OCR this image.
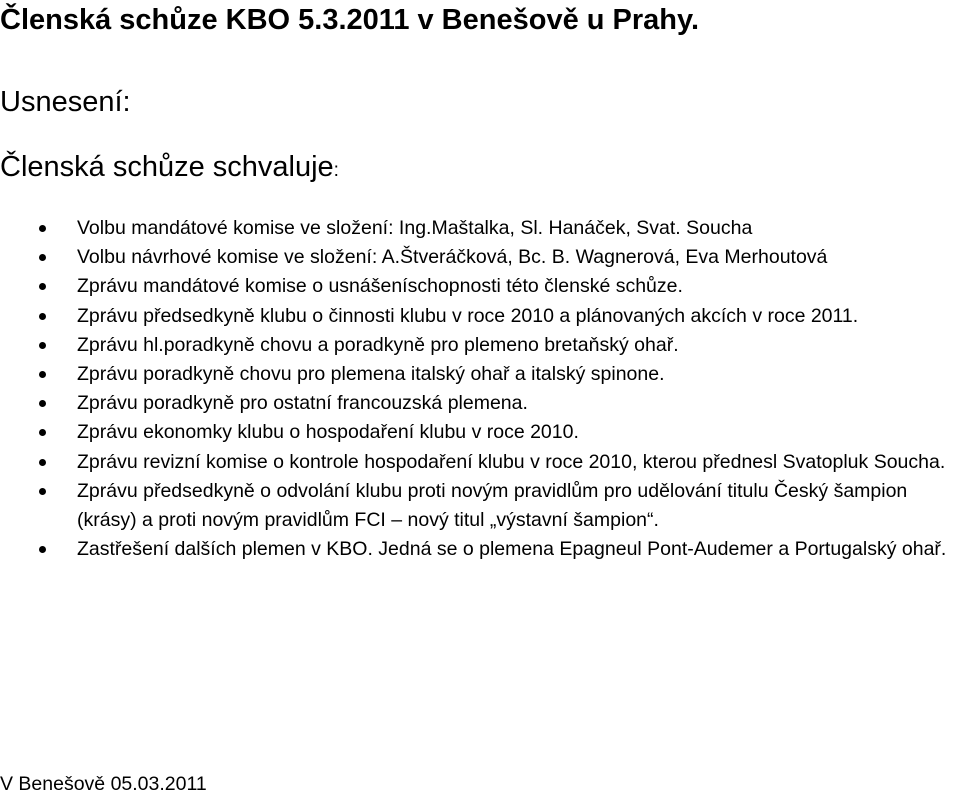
Členská schůze KBO 5.3.2011 v Benešově u Prahy.
Usnesení:
Členská schůze schvaluje:
Volbu mandátové komise ve složení: Ing.Maštalka, Sl. Hanáček, Svat. Soucha
Volbu návrhové komise ve složení: A.Štveráčková, Bc. B. Wagnerová, Eva Merhoutová
Zprávu mandátové komise o usnášeníschopnosti této členské schůze.
Zprávu předsedkyně klubu o činnosti klubu v roce 2010 a plánovaných akcích v roce 2011.
Zprávu hl.poradkyně chovu a poradkyně pro plemeno bretaňský ohař.
Zprávu poradkyně chovu pro plemena italský ohař a italský spinone.
Zprávu poradkyně pro ostatní francouzská plemena.
Zprávu ekonomky klubu o hospodaření klubu v roce 2010.
Zprávu revizní komise o kontrole hospodaření klubu v roce 2010, kterou přednesl Svatopluk Soucha.
Zprávu předsedkyně o odvolání klubu proti novým pravidlům pro udělování titulu Český šampion (krásy) a proti novým pravidlům FCI – nový titul „výstavní šampion“.
Zastřešení dalších plemen v KBO. Jedná se o plemena Epagneul Pont-Audemer a Portugalský ohař.
V Benešově 05.03.2011
